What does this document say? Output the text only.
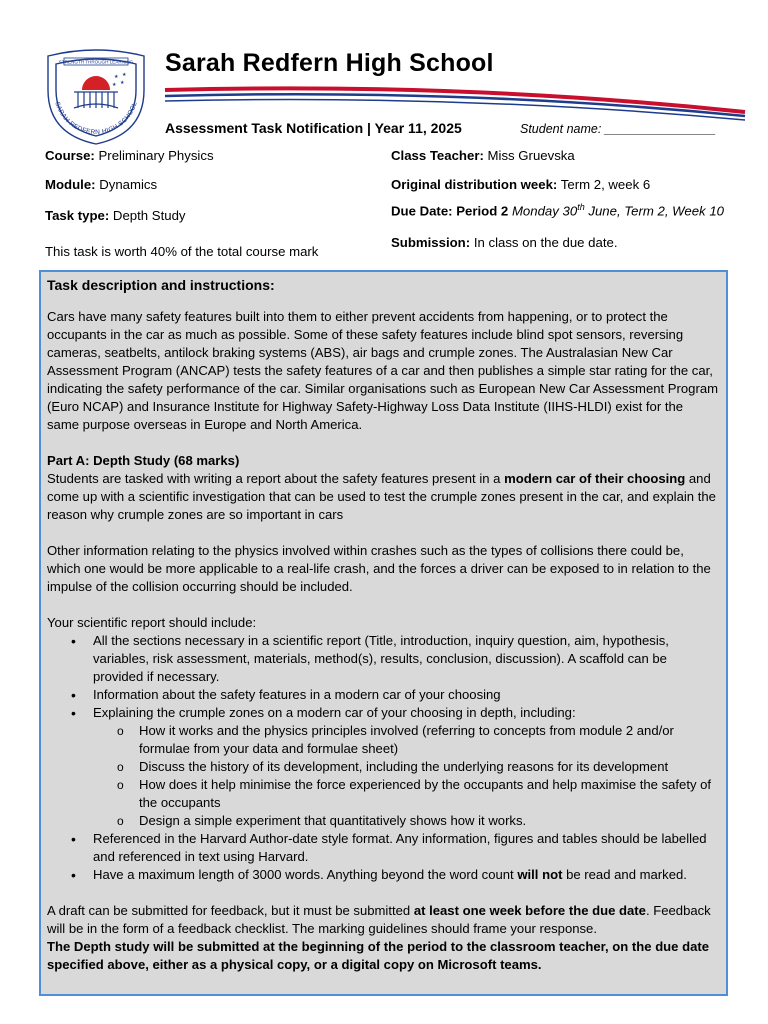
STRENGTH THROUGH LEARNING
★
★
★
★
SARAH REDFERN HIGH SCHOOL
Sarah Redfern High School
Assessment Task Notification | Year 11, 2025	Student name: ________________
Course: Preliminary Physics
Module: Dynamics
Task type: Depth Study
This task is worth 40% of the total course mark
Class Teacher: Miss Gruevska
Original distribution week: Term 2, week 6
Due Date: Period 2 Monday 30th June, Term 2, Week 10
Submission: In class on the due date.
Task description and instructions:

Cars have many safety features built into them to either prevent accidents from happening, or to protect the occupants in the car as much as possible. Some of these safety features include blind spot sensors, reversing cameras, seatbelts, antilock braking systems (ABS), air bags and crumple zones. The Australasian New Car Assessment Program (ANCAP) tests the safety features of a car and then publishes a simple star rating for the car, indicating the safety performance of the car. Similar organisations such as European New Car Assessment Program (Euro NCAP) and Insurance Institute for Highway Safety-Highway Loss Data Institute (IIHS-HLDI) exist for the same purpose overseas in Europe and North America.

Part A: Depth Study (68 marks)

Students are tasked with writing a report about the safety features present in a modern car of their choosing and come up with a scientific investigation that can be used to test the crumple zones present in the car, and explain the reason why crumple zones are so important in cars

Other information relating to the physics involved within crashes such as the types of collisions there could be, which one would be more applicable to a real-life crash, and the forces a driver can be exposed to in relation to the impulse of the collision occurring should be included.

Your scientific report should include:

• All the sections necessary in a scientific report (Title, introduction, inquiry question, aim, hypothesis, variables, risk assessment, materials, method(s), results, conclusion, discussion). A scaffold can be provided if necessary.
• Information about the safety features in a modern car of your choosing
• Explaining the crumple zones on a modern car of your choosing in depth, including:
o How it works and the physics principles involved (referring to concepts from module 2 and/or formulae from your data and formulae sheet)
o Discuss the history of its development, including the underlying reasons for its development
o How does it help minimise the force experienced by the occupants and help maximise the safety of the occupants
o Design a simple experiment that quantitatively shows how it works.
• Referenced in the Harvard Author-date style format. Any information, figures and tables should be labelled and referenced in text using Harvard.
• Have a maximum length of 3000 words. Anything beyond the word count will not be read and marked.

A draft can be submitted for feedback, but it must be submitted at least one week before the due date. Feedback will be in the form of a feedback checklist. The marking guidelines should frame your response.

The Depth study will be submitted at the beginning of the period to the classroom teacher, on the due date specified above, either as a physical copy, or a digital copy on Microsoft teams.
